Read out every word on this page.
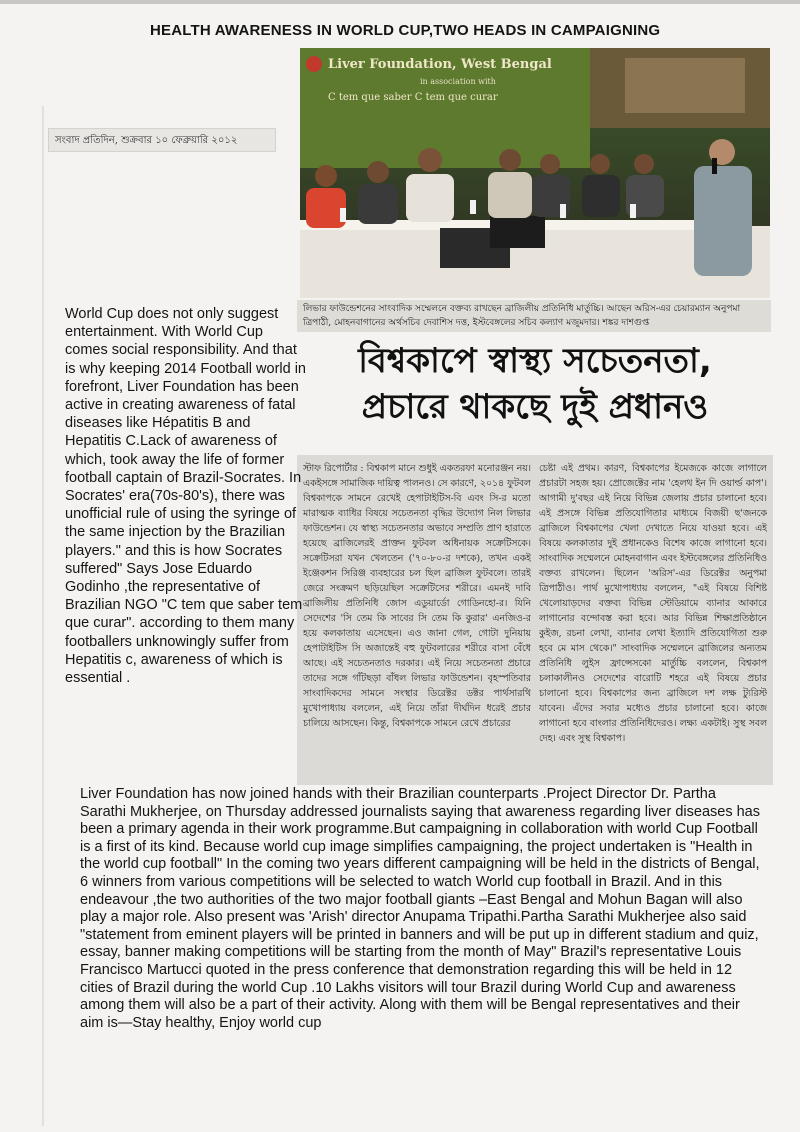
HEALTH AWARENESS IN WORLD CUP,TWO HEADS IN CAMPAIGNING
সংবাদ প্রতিদিন, শুক্রবার ১০ ফেব্রুয়ারি ২০১২
Liver Foundation, West Bengal
in association with
C tem que saber C tem que curar
লিভার ফাউন্ডেশনের সাংবাদিক সম্মেলনে বক্তব্য রাখছেন ব্রাজিলীয় প্রতিনিধি মার্তুচ্চি। আছেন অরিস-এর চেয়ারম্যান অনুপমা ত্রিপাঠী, মোহনবাগানের অর্থসচিব দেবাশিস দত্ত, ইস্টবেঙ্গলের সচিব কল্যাণ মজুমদার। শঙ্কর দাশগুপ্ত
বিশ্বকাপে স্বাস্থ্য সচেতনতা,
প্রচারে থাকছে দুই প্রধানও
স্টাফ রিপোর্টার : বিশ্বকাপ মানে শুধুই একতরফা মনোরঞ্জন নয়। একইসঙ্গে সামাজিক দায়িত্ব পালনও। সে কারণে, ২০১৪ ফুটবল বিশ্বকাপকে সামনে রেখেই হেপাটাইটিস-বি এবং সি-র মতো মারাত্মক ব্যাধির বিষয়ে সচেতনতা বৃদ্ধির উদ্যোগ নিল লিভার ফাউন্ডেশন। যে স্বাস্থ্য সচেতনতার অভাবে সম্প্রতি প্রাণ হারাতে হয়েছে ব্রাজিলেরই প্রাক্তন ফুটবল অধিনায়ক সক্রেটিসকে। সক্রেটিসরা যখন খেলতেন ('৭০-৮০-র দশকে), তখন একই ইঞ্জেকশন সিরিঞ্জ ব্যবহারের চল ছিল ব্রাজিল ফুটবলে। তারই জেরে সংক্রমণ ছড়িয়েছিল সক্রেটিসের শরীরে। এমনই দাবি ব্রাজিলীয় প্রতিনিধি জোস এডুয়ার্ডো গোডিনহো-র। যিনি সেদেশের 'সি তেম কি সাবের সি তেম কি কুরার' এনজিও-র হয়ে কলকাতায় এসেছেন। এও জানা গেল, গোটা দুনিয়ায় হেপাটাইটিস সি অজান্তেই বহু ফুটবলারের শরীরে বাসা বেঁধে আছে। এই সচেতনতাও দরকার। এই নিয়ে সচেতনতা প্রচারে তাদের সঙ্গে গাঁটছড়া বাঁধল লিভার ফাউন্ডেশন। বৃহস্পতিবার সাংবাদিকদের সামনে সংস্থার ডিরেক্টর ডক্টর পার্থসারথি মুখোপাধ্যায় বললেন, এই নিয়ে তাঁরা দীর্ঘদিন ধরেই প্রচার চালিয়ে আসছেন। কিন্তু, বিশ্বকাপকে সামনে রেখে প্রচারের
চেষ্টা এই প্রথম। কারণ, বিশ্বকাপের ইমেজকে কাজে লাগালে প্রচারটা সহজ হয়। প্রোজেক্টের নাম 'হেলথ ইন দি ওয়ার্ল্ড কাপ'। আগামী দু'বছর এই নিয়ে বিভিন্ন জেলায় প্রচার চালানো হবে। এই প্রসঙ্গে বিভিন্ন প্রতিযোগিতার মাধ্যমে বিজয়ী ছ'জনকে ব্রাজিলে বিশ্বকাপের খেলা দেখাতে নিয়ে যাওয়া হবে। এই বিষয়ে কলকাতার দুই প্রধানকেও বিশেষ কাজে লাগানো হবে। সাংবাদিক সম্মেলনে মোহনবাগান এবং ইস্টবেঙ্গলের প্রতিনিধিও বক্তব্য রাখলেন। ছিলেন 'অরিস'-এর ডিরেক্টর অনুপমা ত্রিপাঠীও। পার্থ মুখোপাধ্যায় বললেন, "এই বিষয়ে বিশিষ্ট খেলোয়াড়দের বক্তব্য বিভিন্ন স্টেডিয়ামে ব্যানার আকারে লাগানোর বন্দোবস্ত করা হবে। আর বিভিন্ন শিক্ষাপ্রতিষ্ঠানে কুইজ, রচনা লেখা, ব্যানার লেখা ইত্যাদি প্রতিযোগিতা শুরু হবে মে মাস থেকে।" সাংবাদিক সম্মেলনে ব্রাজিলের অন্যতম প্রতিনিধি লুইস ফ্রান্সেসকো মার্তুচ্চি বললেন, বিশ্বকাপ চলাকালীনও সেদেশের বারোটি শহরে এই বিষয়ে প্রচার চালানো হবে। বিশ্বকাপের জন্য ব্রাজিলে দশ লক্ষ ট্যুরিস্ট যাবেন। এঁদের সবার মধ্যেও প্রচার চালানো হবে। কাজে লাগানো হবে বাংলার প্রতিনিধিদেরও। লক্ষ্য একটাই। সুস্থ সবল দেহ। এবং সুস্থ বিশ্বকাপ।

World Cup does not only suggest entertainment. With World Cup comes social responsibility. And that is why keeping 2014 Football world in forefront, Liver Foundation has been active in creating awareness of fatal diseases like Hépatitis B and Hepatitis C.Lack of awareness of which, took away the life of former football captain of Brazil-Socrates. In Socrates' era(70s-80's), there was unofficial rule of using the syringe of the same injection by the Brazilian players." and this is how Socrates suffered" Says Jose Eduardo Godinho ,the representative of Brazilian NGO "C tem que saber tem que curar". according to them many footballers unknowingly suffer from Hepatitis c, awareness of which is essential .

Liver Foundation has now joined hands with their Brazilian counterparts .Project Director Dr. Partha Sarathi Mukherjee, on Thursday addressed journalists saying that awareness regarding liver diseases has been a primary agenda in their work programme.But campaigning in collaboration with world Cup Football is a first of its kind. Because world cup image simplifies campaigning, the project undertaken is "Health in the world cup football" In the coming two years different campaigning will be held in the districts of Bengal, 6 winners from various competitions will be selected to watch World cup football in Brazil. And in this endeavour ,the two authorities of the two major football giants –East Bengal and Mohun Bagan will also play a major role. Also present was 'Arish' director Anupama Tripathi.Partha Sarathi Mukherjee also said "statement from eminent players will be printed in banners and will be put up in different stadium and quiz, essay, banner making competitions will be starting from the month of May" Brazil's representative Louis Francisco Martucci quoted in the press conference that demonstration regarding this will be held in 12 cities of Brazil during the world Cup .10 Lakhs visitors will tour Brazil during World Cup and awareness among them will also be a part of their activity. Along with them will be Bengal representatives and their aim is—Stay healthy, Enjoy world cup
